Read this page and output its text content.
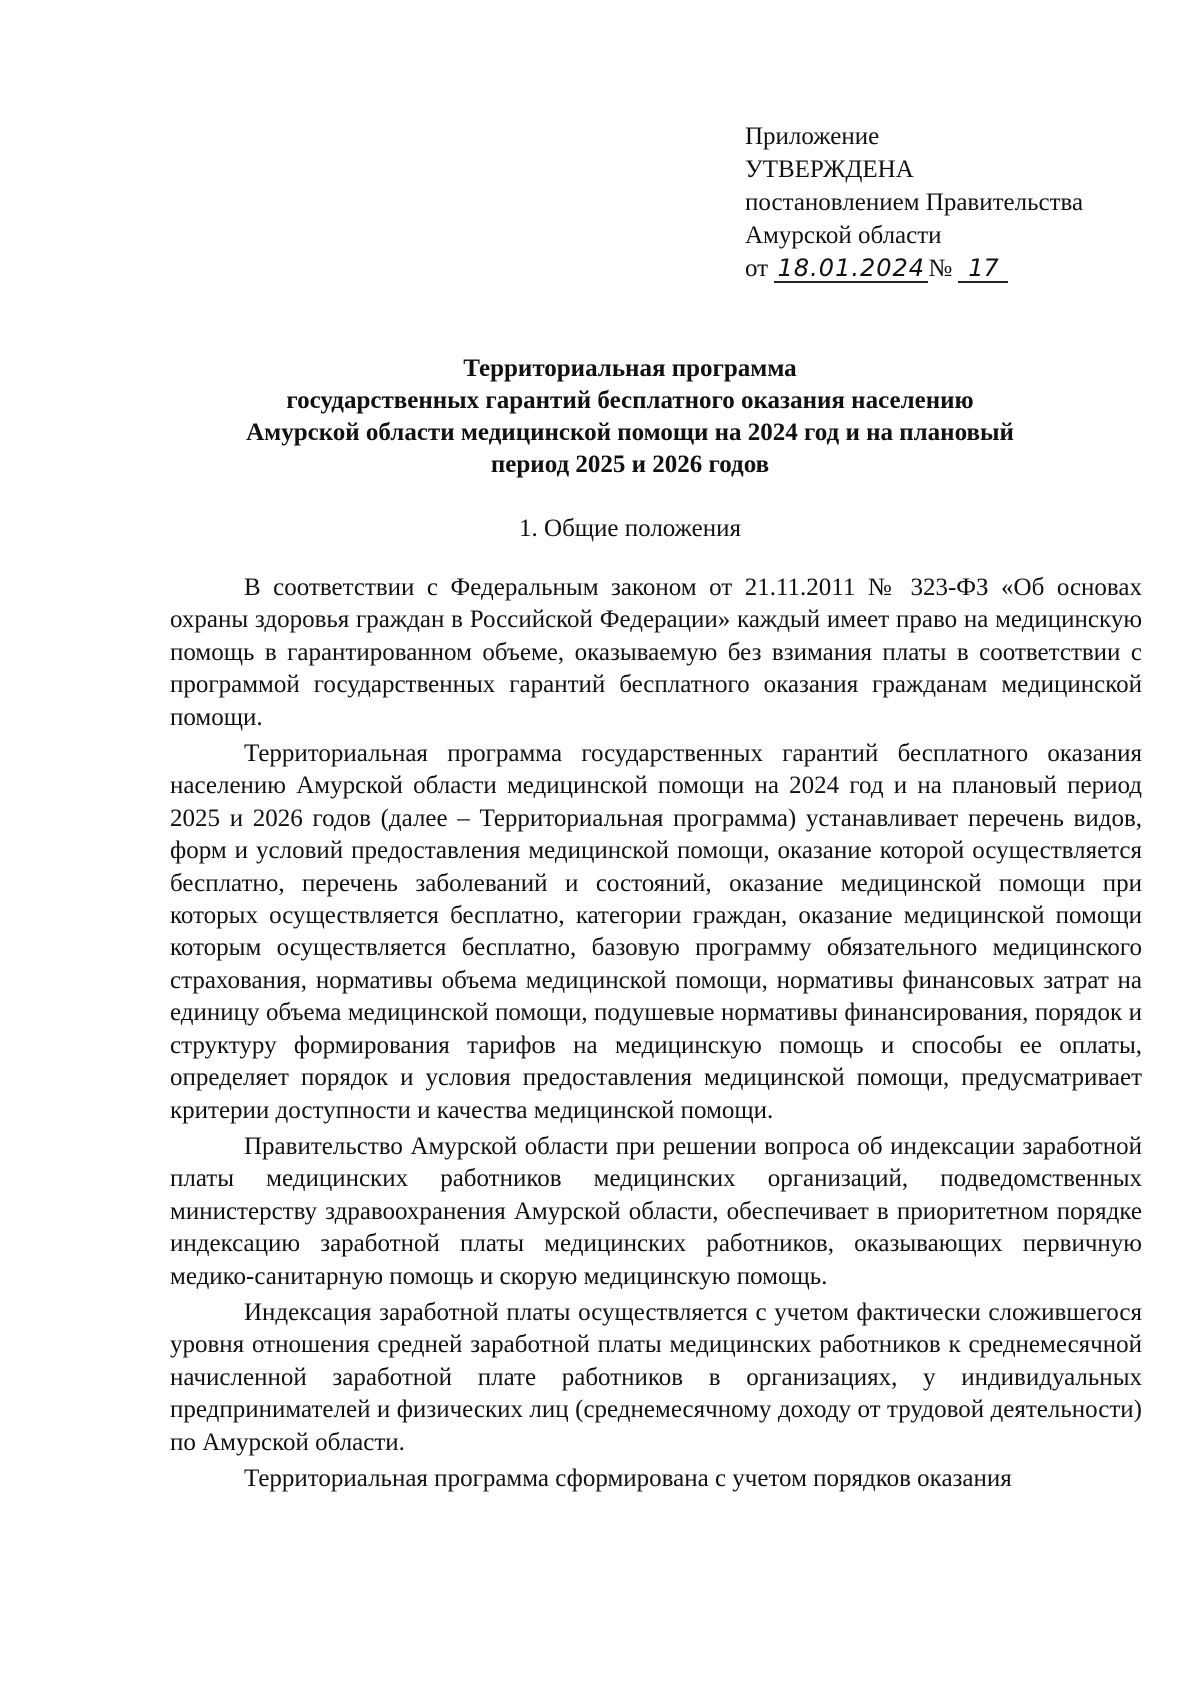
Приложение
УТВЕРЖДЕНА
постановлением Правительства
Амурской области
от 18.01.2024 № 17
Территориальная программа
государственных гарантий бесплатного оказания населению
Амурской области медицинской помощи на 2024 год и на плановый
период 2025 и 2026 годов
1. Общие положения

В соответствии с Федеральным законом от 21.11.2011 № 323-ФЗ «Об основах охраны здоровья граждан в Российской Федерации» каждый имеет право на медицинскую помощь в гарантированном объеме, оказываемую без взимания платы в соответствии с программой государственных гарантий бесплатного оказания гражданам медицинской помощи.

Территориальная программа государственных гарантий бесплатного оказания населению Амурской области медицинской помощи на 2024 год и на плановый период 2025 и 2026 годов (далее – Территориальная программа) устанавливает перечень видов, форм и условий предоставления медицинской помощи, оказание которой осуществляется бесплатно, перечень заболеваний и состояний, оказание медицинской помощи при которых осуществляется бесплатно, категории граждан, оказание медицинской помощи которым осуществляется бесплатно, базовую программу обязательного медицинского страхования, нормативы объема медицинской помощи, нормативы финансовых затрат на единицу объема медицинской помощи, подушевые нормативы финансирования, порядок и структуру формирования тарифов на медицинскую помощь и способы ее оплаты, определяет порядок и условия предоставления медицинской помощи, предусматривает критерии доступности и качества медицинской помощи.

Правительство Амурской области при решении вопроса об индексации заработной платы медицинских работников медицинских организаций, подведомственных министерству здравоохранения Амурской области, обеспечивает в приоритетном порядке индексацию заработной платы медицинских работников, оказывающих первичную медико-санитарную помощь и скорую медицинскую помощь.

Индексация заработной платы осуществляется с учетом фактически сложившегося уровня отношения средней заработной платы медицинских работников к среднемесячной начисленной заработной плате работников в организациях, у индивидуальных предпринимателей и физических лиц (среднемесячному доходу от трудовой деятельности) по Амурской области.

Территориальная программа сформирована с учетом порядков оказания
